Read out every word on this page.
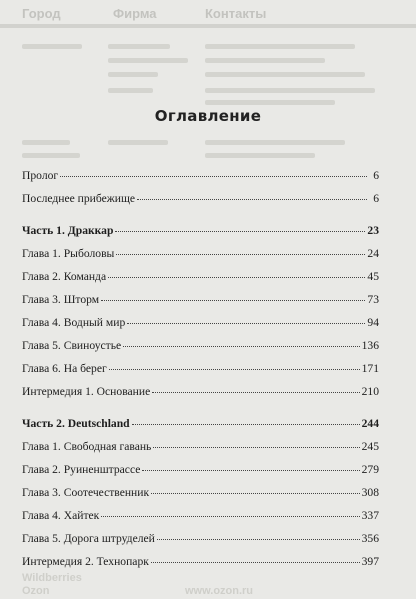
Город	Фирма	Контакты
Wildberries
Ozon	www.ozon.ru
Оглавление
Пролог	6
Последнее прибежище	6
Часть 1. Драккар	23
Глава 1. Рыболовы	24
Глава 2. Команда	45
Глава 3. Шторм	73
Глава 4. Водный мир	94
Глава 5. Свиноустье	136
Глава 6. На берег	171
Интермедия 1. Основание	210
Часть 2. Deutschland	244
Глава 1. Свободная гавань	245
Глава 2. Руиненштрассе	279
Глава 3. Соотечественник	308
Глава 4. Хайтек	337
Глава 5. Дорога штруделей	356
Интермедия 2. Технопарк	397
